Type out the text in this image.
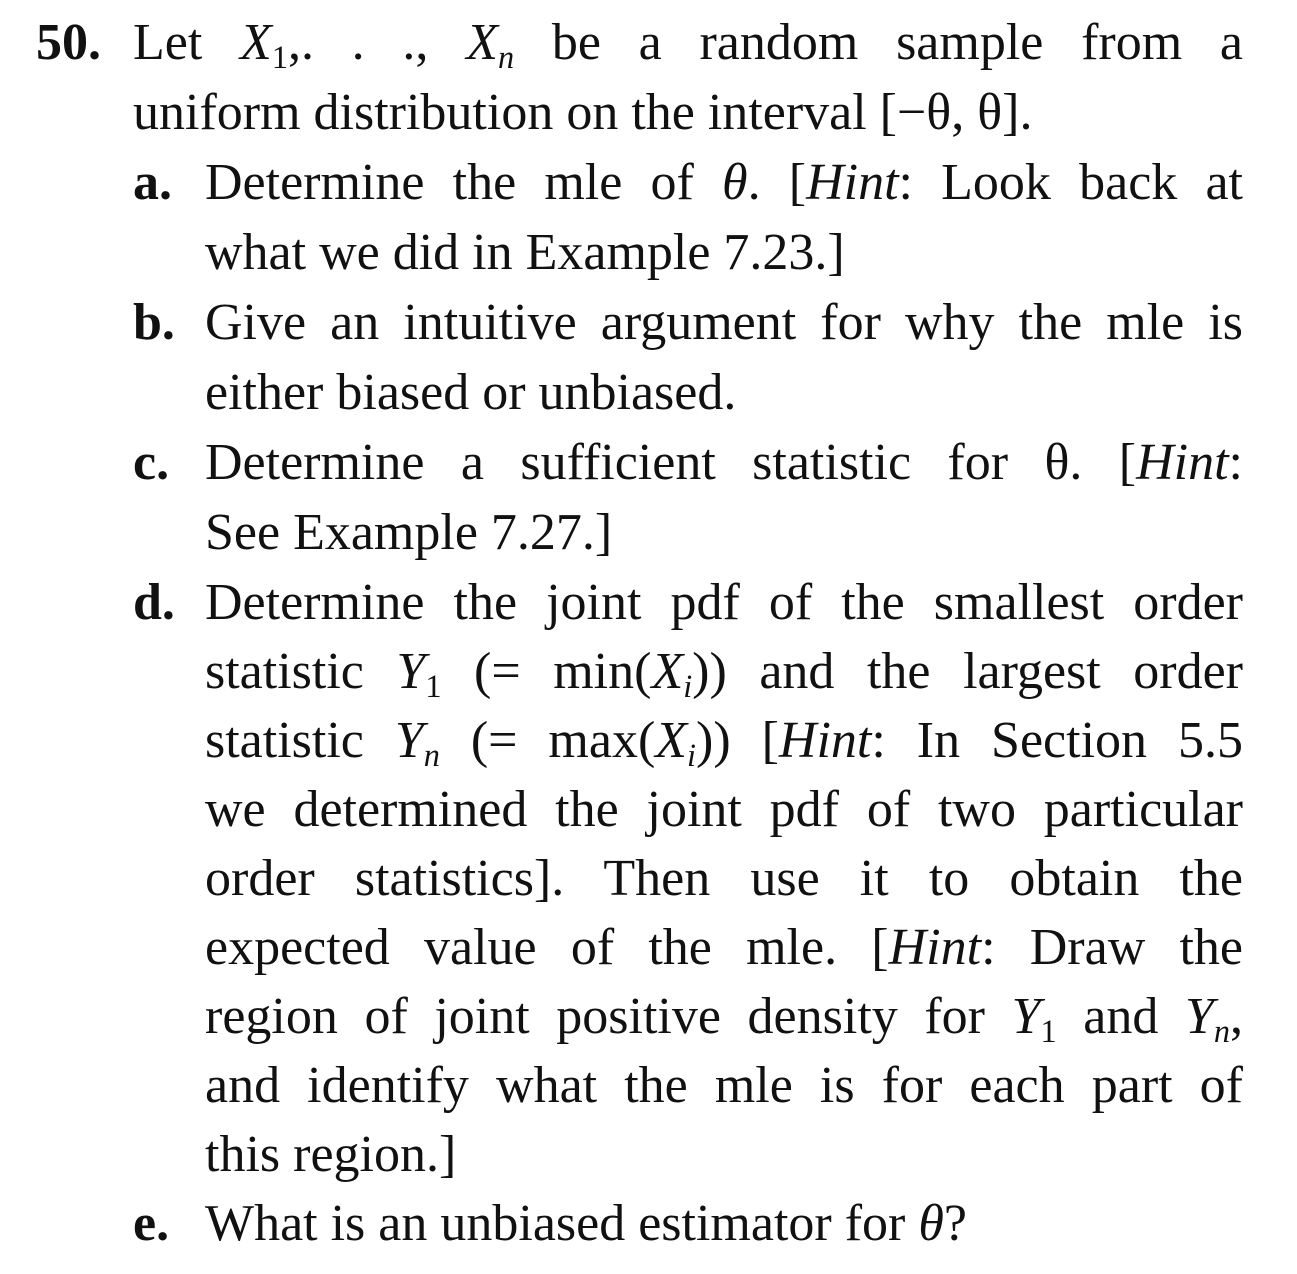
50. Let $X_1$,. . ., $X_n$ be a random sample from a
uniform distribution on the interval [−θ, θ].
a. Determine the mle of θ. [Hint: Look back at
what we did in Example 7.23.]
b. Give an intuitive argument for why the mle is
either biased or unbiased.
c. Determine a sufficient statistic for θ. [Hint:
See Example 7.27.]
d. Determine the joint pdf of the smallest order
statistic $Y_1$ (= $\min(X_i)$) and the largest order
statistic $Y_n$ (= $\max(X_i)$) [Hint: In Section 5.5
we determined the joint pdf of two particular
order statistics]. Then use it to obtain the
expected value of the mle. [Hint: Draw the
region of joint positive density for $Y_1$ and $Y_n$,
and identify what the mle is for each part of
this region.]
e. What is an unbiased estimator for θ?
